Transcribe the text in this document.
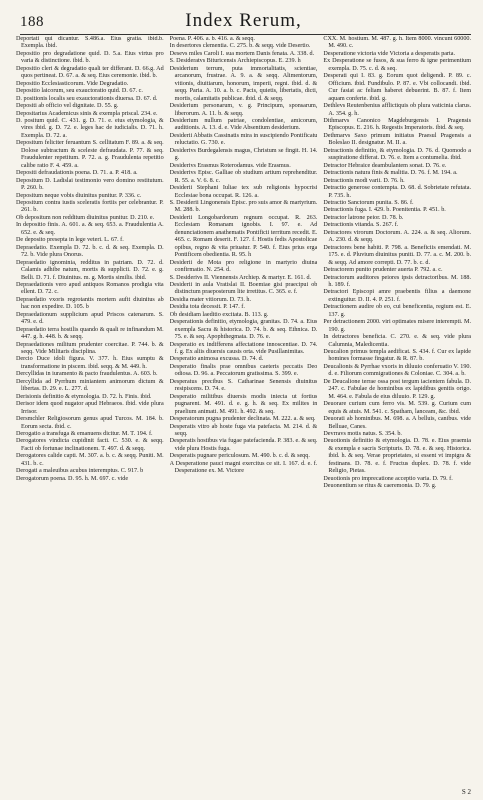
188	Index Rerum,

Deportati qui dicantur. S.486.a. Eius gratia. ibid.b. Exempla. ibid.

Depositio pro degradatione quid. D. 5.a. Eius virtus pro varia & distinctione. ibid. b.

Depositio cleri & degradatio quali ter differant. D. 66.g. Ad quos pertineat. D. 67. a. & seq. Eius ceremonie. ibid. b.

Depositio Ecclesiasticorum. Vide Degradatio.

Depositio laicorum, seu exauctoratio quid. D. 67. c.

D. positionis localis seu exauctorationis diuersa. D. 67. d.

Depositi ab officio vel dignitate. D. 55. g.

Depositarius Academicus sinis & exempla priscal. 234. e.

D. positum quid. C. 431. g. D. 71. e. eius etymologia, & vires ibid. g. D. 72. e. leges hac de iudicialis. D. 71. h. Exempla. D. 72. a.

Depositum feliciter feruantum S. cellitatum F. 89. a. & seq. Dolose subtractum & sceleste defraudata. P. 77. & seq. Fraudulenter repetitum. P. 72. a. g. Fraudulenta repetitio calibe ratio F. 4. 459. a.

Depositi defraudationis poena. D. 71. a. P. 418. a.

Depositum D. Ladislai testimonio vero domino restitutum. P. 260. b.

Depositum neque vobis diuinitus punitur. P. 336. c.

Depositum contra iustis sceleratis fortiis per celebrantur. P. 261. b.

Ob depositum non redditum diuinitus punitur. D. 210. e.

In depositio finis. A. 601. a. & seq. 653. a. Fraudulentia A. 652. e. & seq.

De deposito presepta in lege veteri. L. 67. f.

Depraedatio. Exempla D. 72. b. c. d. & seq. Exempla. D. 72. b. Vide plura Onorus.

Depraedatio ignominia, redditus in patriam. D. 72. d. Calamis adhibe natum, mortis & supplicii. D. 72. e. g. Belli. D. 71. f. Diuinitus. m. g. Mortis similis. ibid.

Depraedationis vero apud antiquos Romanos prodigia vita ellent. D. 72. c.

Depraedatio vxoris regrotantis mortem aufit diuinitus ab hac non expedire. D. 105. b

Depraedationum supplicium apud Priscos catenarum. S. 479. e. d.

Depraedatio terra hostilis quando & quali re infinandum M. 447. g. h. 448. b. & seqq.

Depraedationes militum prudenter coercitae. P. 744. b. & seqq. Vide Militaris disciplina.

Dercio Duce idoli figura. V. 377. h. Eius sumptu & transformatione in piscem. ibid. seqq. & M. 449. h.

Dercyllidas in iuramento & pacto fraudulentus. A. 603. b.

Dercyllida ad Pyrrhum miniantem animorum dictum & libertas. D. 29. e. L. 277. d.

Derisionis definitio & etymologia. D. 72. h. Finis. ibid.

Derisor idem quod nugator apud Hebraeos. ibid. vide plura Irrisor.

Dersmchler Religiosorum genus apud Turcos. M. 184. b. Eorum secta. ibid. c.

Derogatio a transfuga & emanuens dicitur. M. T. 194. f.

Derogatores vindicta cupidinit facti. C. 530. e. & seqq. Facti ob fortunae inclinationem. T. 497. d. & seqq.

Derogatores calide capti. M. 307. a. b. c. & seqq. Puniti. M. 431. b. c.

Derogati a maleuibus acubus interemptus. C. 917. b

Derogatorum poena. D. 95. h. M. 697. c. vide

Poena. P. 406. a. b. 416. a. & seqq.

In desertores clementia. C. 275. b. & seqq. vide Desertio.

Desevs miles Caroli I. sua mortem Danis fenata. A. 338. d.

S. Desideratvs Bituricensis Archiepiscopus. E. 239. h

Desiderium terrum, puta immortalitatis, scientiae, arcanorum, frustrae. A. 9. a. & seqq. Alimentorum, vitionis, diuitiarum, honorum, imperii, regni. ibid. d. & seqq. Paria. A. 10. a. b. c. Pacis, quietis, libertatis, dicti, mortis, calamitatis publicae. ibid. d. & seqq.

Desiderium personarum, v. g. Principum, sponsarum, liberorum. A. 11. b. & seqq.

Desiderium nullum patriae, condolentiae, amicorum, auditionis. A. 13. d. e. Vide Absentium desiderium.

Desiderii Abbatis Cassinatis mira in suscipiendo Pontificatu reluctatio. G. 730. e.

Desiderivs Burdegalensis magus, Christum se fingit. H. 14. g.

Desiderivs Erasmus Roterodamus. vide Erasmus.

Desiderivs Episc. Galliae ob studium artium reprehenditur. R. 55. a. V. 6. 8. c.

Desiderii Stephani Iuliae tex sub religionis hypocrisi Ecclesiae bona occupat. R. 126. a.

S. Desiderii Lingonensis Episc. pro suis amor & martyrium. M. 288. b.

Desiderii Longobardorum regnum occupat. R. 263. Ecclesiam Romanam ignobis. I. 97. e. Ad denunciationem anathematis Pontificii territum recedit. E. 465. c. Romam deserit. F. 127. f. Hostis fedis Apostolicae opibus, regno & vita priuatur. P. 540. f. Eius prius erga Pontificem obedientia. R. 95. h

Desiderii de Mota pro religione in martyrio diuina confirmatio. N. 254. d.

S. Desiderivs II. Viennensis Archiep. & martyr. E. 161. d.

Desiderii in aula Vratislai II. Boemiae gisi praecipui ob distinctum praeposterum lite irretitus. C. 365. e. f.

Desidia mater vitiorum. D. 73. h.

Desidia tota decessit. P. 147. f.

Ob desidiam laeditio excitata. B. 113. g.

Desperationis definitio, etymologia, granitas. D. 74. a. Eius exempla Sacra & historica. D. 74. b. & seq. Ethnica. D. 75. e. & seq. Apophthegmata. D. 76. e.

Desperatio ex indifferens affectatione innoscentiae. D. 74. f. g. Ex aliis diuersis causis orta. vide Pusillanimitas.

Desperatio animosa excussa. D. 74. d.

Desperatio finalis prae omnibus caeteris peccatis Deo odiosa. D. 96. a. Peccatorum gratissima. S. 399. e.

Desperatus precibus S. Catharinae Senensis diuinitus resipiscens. D. 74. e.

Desperatio militibus diuersis modis iniecta ut fortius pugnarent. M. 491. d. e. g. h. & seq. Ex milites in praelium animati. M. 491. h. 492. & seq.

Desperatorum pugna prudenter declinata. M. 222. a. & seq.

Desperatis vitro ab hoste fuga via patefacta. M. 214. d. & seqq.

Desperatis hostibus via fugae patefacienda. P. 383. e. & seq. vide plura Hostis fuga.

Desperatis pugnare periculosum. M. 490. b. c. d. & seqq.

A Desperatione pauci magni exercitus ce sit. I. 167. d. e. f. Desperatione ex. M. Victore

CXX. M. hostium. M. 487. g. h. Item 8000. vincunt 60000. M. 490. c.

Desperatione victoria vide Victoria a desperatis parta.

Ex Desperatione se fusos, & sua ferro & igne perimentium exempla. D. 75. c. d. & seq.

Desperati qui I. 83. g. Eorum quot deligendi. P. 89. c. Officium. ibid. Fundibulo. P. 87. e. Vbi collocandi. ibid. Cur fasiat ac feliam haberet debuerint. B. 87. f. Item aquam conferte. ibid. g.

Dethlevs Reutenbenius afflictiquis ob plura vaticinia clarus. A. 354. g. h.

Dithmarvs Canonico Magdeburgensis I. Pragensis Episcopus. E. 216. h. Regestis Imperatoris. ibid. & seq.

Dethmarvs Saxo primum initiatus Praesul Pragensis a Boleslao II. designatur. M. II. a.

Detractionis definitio, & etymologia. D. 76. d. Quomodo a suspiratione differat. D. 76. e. Item a contumelia. ibid.

Detractor Hebraice deambulantem sonat. D. 76. e.

Detractionis natura finis & malitia. D. 76. f. M. 194. a.

Detractionis modi varii. D. 76. h.

Detractio generose contempta. D. 68. d. Sobrietate refutata. P. 735. h.

Detractio Sanctorum punita. S. 86. f.

Detractionis fuga. I. 429. b. Poenitentia. P. 451. b.

Detractor latrone peior. D. 78. b.

Detractionis vitanda. S. 267. f.

Detractores virorum Doctorum. A. 224. a. & seq. Aliorum. A. 230. d. & seqq.

Detractores bene habiti. P. 798. a. Beneficiis emendati. M. 175. e. d. Pluvium diuinitus puniti. D. 77. a. c. M. 200. b. & seqq. Ad amore correpti. D. 77. b. c. d.

Detractorem punito prudenter auerta P. 792. a. c.

Detractorum auditores peiores ipsis detractoribus. M. 188. h. 189. f.

Detractori Episcopi amre praebentis filius a daemone extinguitur. D. II. 4. P. 251. f.

Detractionem audire ob eo, cui beneficentia, regium est. E. 137. g.

Per detractionem 2000. viri optimates misere interempti. M. 190. g.

In detractores beneficia. C. 270. e. & seq. vide plura Calumnia, Maledicentia.

Deucalion primus templa aedificat. S. 434. f. Cur ex lapide homines formasse fingatur. & R. 87. b.

Deucalionis & Pyrrhae vxoris in diluuio conferuatio V. 190. d. e. Filiorum commigrationes & Coloniae. C. 304. a. b.

De Deucalione terrae ossa post tergum iacientem fabula. D. 247. c. Fabulae de hominibus ex lapidibus genitis origo. M. 464. e. Fabula de eius diluuio. P. 129. g.

Deuorare curium cum ferro vis. M. 539. g. Curium cum equis & atuis. M. 541. c. Spatham, lanceam, &c. ibid.

Deuorati ab hominibus. M. 698. a. A belluis, canibus. vide Belluae, Canes.

Devrravs motis natus. S. 354. b.

Deuotionis definitio & etymologia. D. 78. e. Eius praemia & exempla e sacris Scripturis. D. 78. e. & seq. Historica. ibid. h. & seq. Verae proprietates, si essent vt impigra & festinans. D. 78. e. f. Fructus duplex. D. 78. f. vide Religio, Pietas.

Deuotionis pro imprecatione acceptio varia. D. 79. f.

Deuonentium se ritus & caeremonia. D. 79. g.

S 2
